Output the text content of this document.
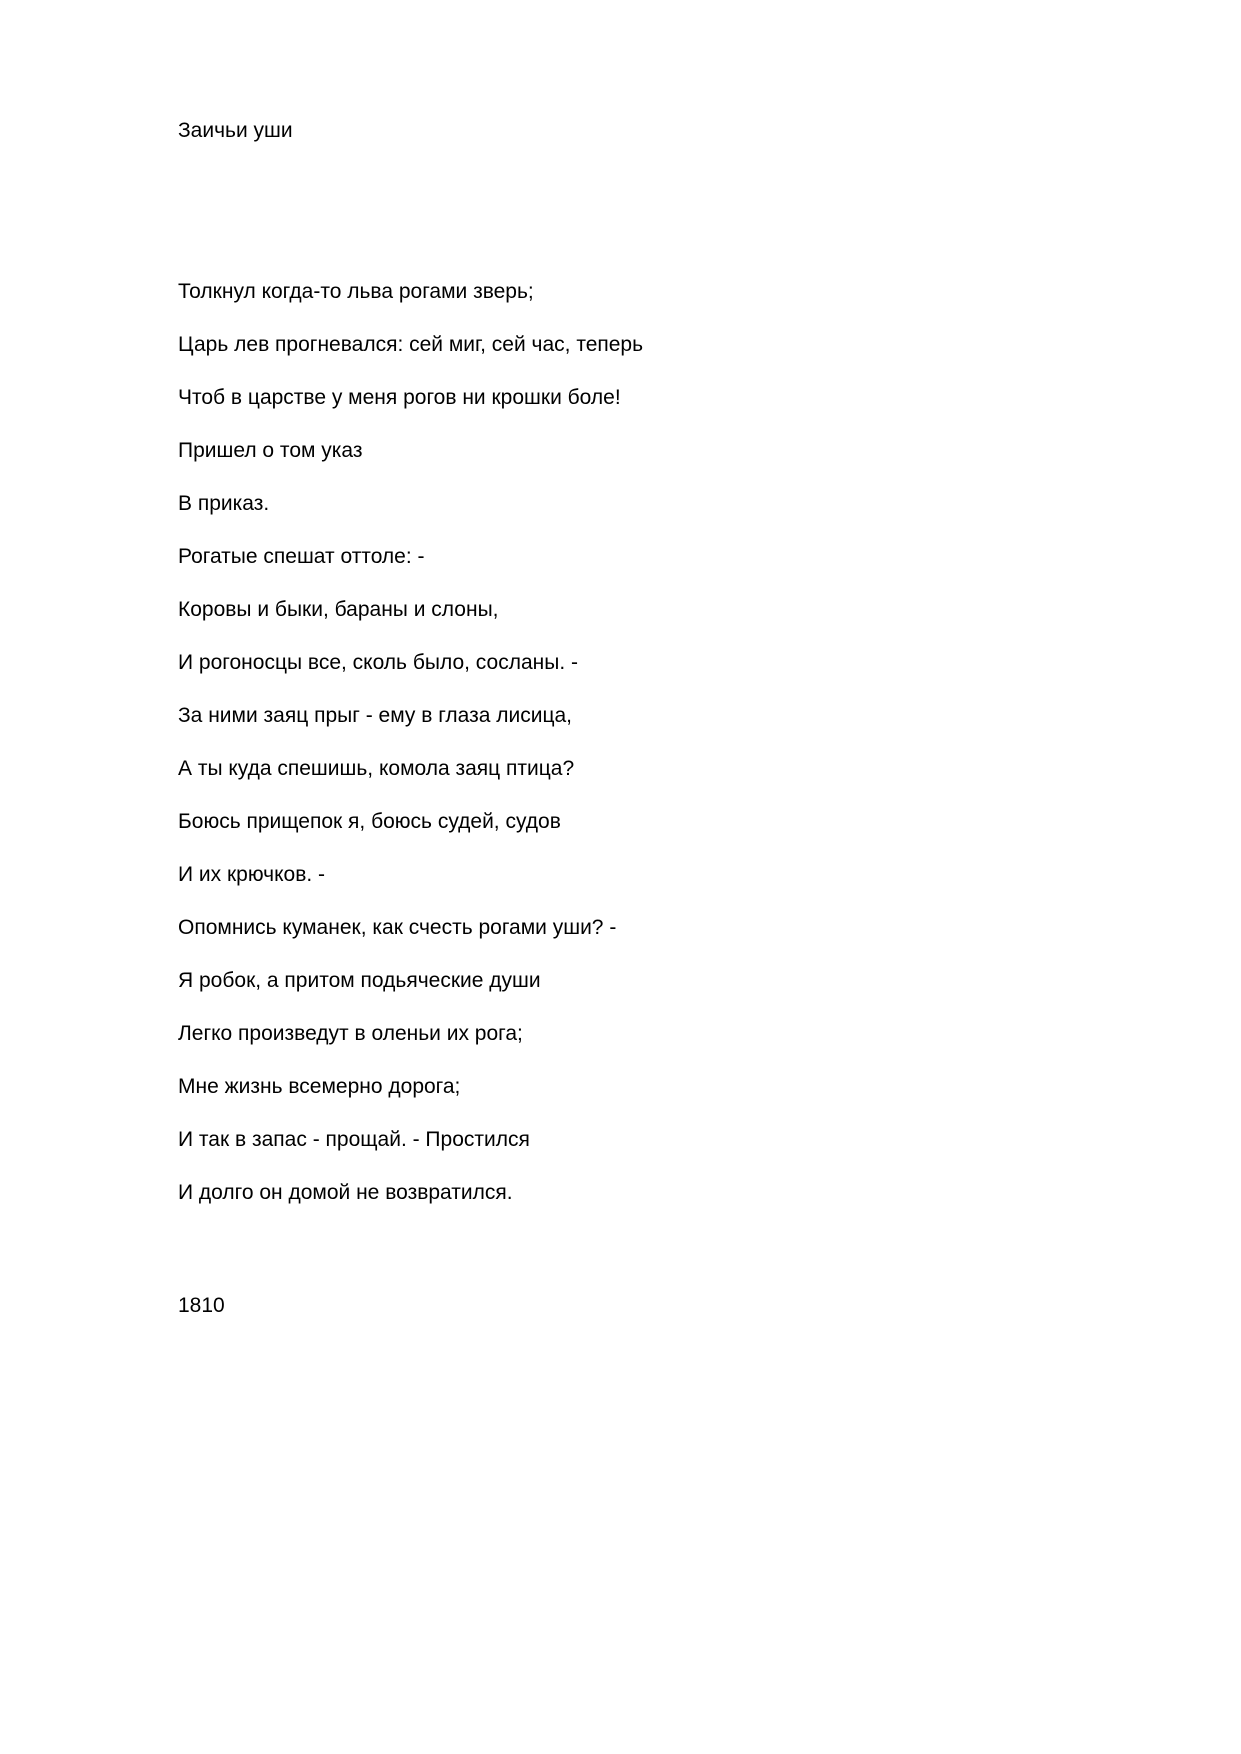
Заичьи уши
Толкнул когда-то льва рогами зверь;
Царь лев прогневался: сей миг, сей час, теперь
Чтоб в царстве у меня рогов ни крошки боле!
Пришел о том указ
В приказ.
Рогатые спешат оттоле: -
Коровы и быки, бараны и слоны,
И рогоносцы все, сколь было, сосланы. -
За ними заяц прыг - ему в глаза лисица,
А ты куда спешишь, комола заяц птица?
Боюсь прищепок я, боюсь судей, судов
И их крючков. -
Опомнись куманек, как счесть рогами уши? -
Я робок, а притом подьяческие души
Легко произведут в оленьи их рога;
Мне жизнь всемерно дорога;
И так в запас - прощай. - Простился
И долго он домой не возвратился.
1810
